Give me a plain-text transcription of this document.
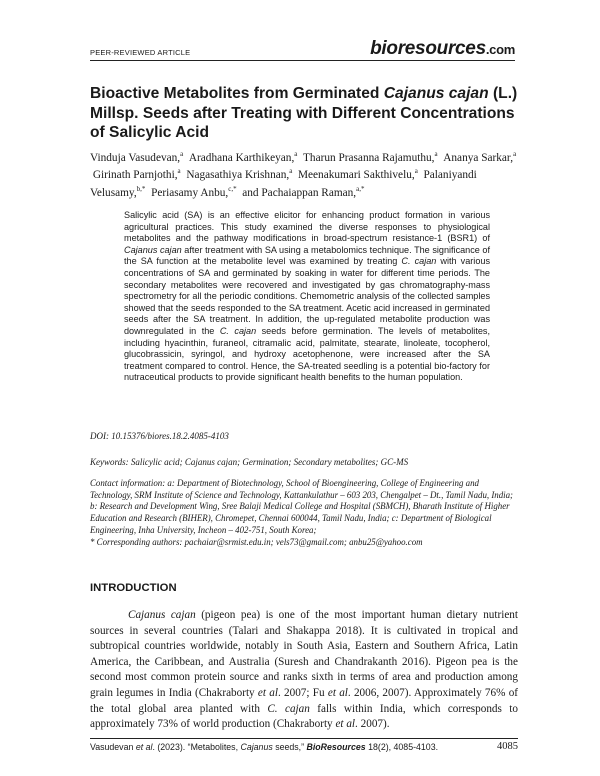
PEER-REVIEWED ARTICLE	bioresources.com
Bioactive Metabolites from Germinated Cajanus cajan (L.) Millsp. Seeds after Treating with Different Concentrations of Salicylic Acid
Vinduja Vasudevan,$^a$ Aradhana Karthikeyan,$^a$ Tharun Prasanna Rajamuthu,$^a$ Ananya Sarkar,$^a$  Girinath Parnjothi,$^a$ Nagasathiya Krishnan,$^a$ Meenakumari Sakthivelu,$^a$ Palaniyandi Velusamy,$^{b,*}$ Periasamy Anbu,$^{c,*}$ and Pachaiappan Raman,$^{a,*}$
Salicylic acid (SA) is an effective elicitor for enhancing product formation in various agricultural practices. This study examined the diverse responses to physiological metabolites and the pathway modifications in broad-spectrum resistance-1 (BSR1) of Cajanus cajan after treatment with SA using a metabolomics technique. The significance of the SA function at the metabolite level was examined by treating C. cajan with various concentrations of SA and germinated by soaking in water for different time periods. The secondary metabolites were recovered and investigated by gas chromatography-mass spectrometry for all the periodic conditions. Chemometric analysis of the collected samples showed that the seeds responded to the SA treatment. Acetic acid increased in germinated seeds after the SA treatment. In addition, the up-regulated metabolite production was downregulated in the C. cajan seeds before germination. The levels of metabolites, including hyacinthin, furaneol, citramalic acid, palmitate, stearate, linoleate, tocopherol, glucobrassicin, syringol, and hydroxy acetophenone, were increased after the SA treatment compared to control. Hence, the SA-treated seedling is a potential bio-factory for nutraceutical products to provide significant health benefits to the human population.
DOI: 10.15376/biores.18.2.4085-4103
Keywords: Salicylic acid; Cajanus cajan; Germination; Secondary metabolites; GC-MS
Contact information: a: Department of Biotechnology, School of Bioengineering, College of Engineering and Technology, SRM Institute of Science and Technology, Kattankulathur – 603 203, Chengalpet – Dt., Tamil Nadu, India; b: Research and Development Wing, Sree Balaji Medical College and Hospital (SBMCH), Bharath Institute of Higher Education and Research (BIHER), Chromepet, Chennai 600044, Tamil Nadu, India; c: Department of Biological Engineering, Inha University, Incheon – 402-751, South Korea;
* Corresponding authors: pachaiar@srmist.edu.in; vels73@gmail.com; anbu25@yahoo.com
INTRODUCTION
Cajanus cajan (pigeon pea) is one of the most important human dietary nutrient sources in several countries (Talari and Shakappa 2018). It is cultivated in tropical and subtropical countries worldwide, notably in South Asia, Eastern and Southern Africa, Latin America, the Caribbean, and Australia (Suresh and Chandrakanth 2016). Pigeon pea is the second most common protein source and ranks sixth in terms of area and production among grain legumes in India (Chakraborty et al. 2007; Fu et al. 2006, 2007). Approximately 76% of the total global area planted with C. cajan falls within India, which corresponds to approximately 73% of world production (Chakraborty et al. 2007).
Vasudevan et al. (2023). “Metabolites, Cajanus seeds,” BioResources 18(2), 4085-4103.	4085
